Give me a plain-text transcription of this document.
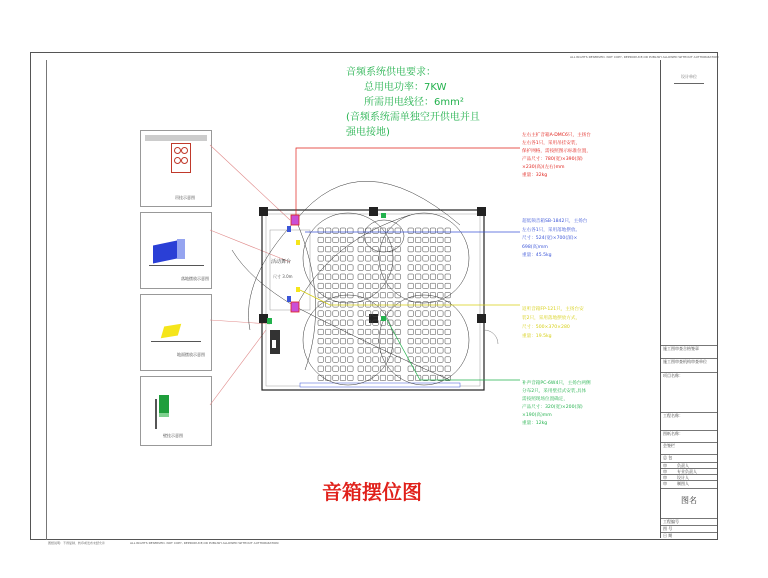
ALL RIGHTS RESERVED. NOT COPY, REPRODUCE,OR PUBLISH ALLOWED WITHOUT AUTHORIZATION
图纸说明：不得复制、转印或发布未经允许	ALL RIGHTS RESERVED. NOT COPY, REPRODUCE,OR PUBLISH ALLOWED WITHOUT AUTHORIZATION
音频系统供电要求：
总用电功率：7KW
所需用电线径：6mm²
(音频系统需单独空开供电并且
强电接地)
吊挂示意图
落地摆放示意图
地面摆放示意图
壁挂示意图
活动舞台
尺寸 3.0m
左右主扩音箱A-DMC6只，主扬台
左右各1只，采用吊挂安装，
保护网格，需按照图示标准位置，
产品尺寸：780(宽)×390(深)
×230(高)(左右)mm
重量：32kg
超低频音箱SB-1842只，主扬台
左右各1只，采用落地摆放。
尺寸：524(宽)×700(深)×
698(高)mm
重量：45.5kg
返听音箱FP-121只，主扬台安
装2只，采用落地摆放方式，
尺寸：500×370×280
重量：19.5kg
补声音箱PC-6W4只，主扬台两侧
分布2只，采用壁挂式安装,具体
需按照现场位置确定，
产品尺寸：320(宽)×200(深)
×190(高)mm
重量：12kg
音箱摆位图
设计单位
施工图审查合格签章
施工图审查机构审查单位
项目名称：
工程名称：
图纸名称：
会签栏
总 包
审	负责人
审	专业负责人
审	设计人
审	制图人
图名
工程编号
图 号
日 期
